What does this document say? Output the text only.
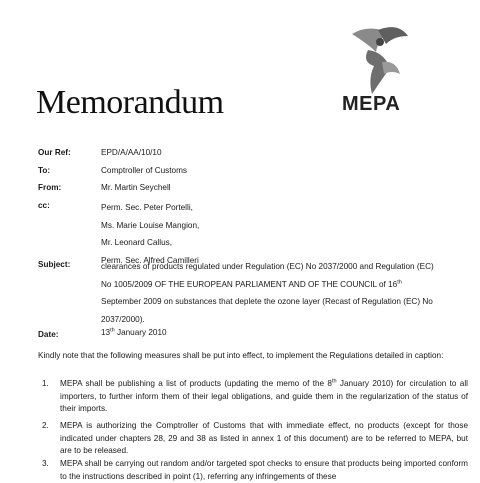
MEPA
Memorandum
Our Ref:	EPD/A/AA/10/10
To:	Comptroller of Customs
From:	Mr. Martin Seychell
cc:	Perm. Sec. Peter Portelli,
Ms. Marie Louise Mangion,
Mr. Leonard Callus,
Perm. Sec. Alfred Camilleri
Subject:	clearances of products regulated under Regulation (EC) No 2037/2000 and Regulation (EC)
No 1005/2009 OF THE EUROPEAN PARLIAMENT AND OF THE COUNCIL of 16th
September 2009 on substances that deplete the ozone layer (Recast of Regulation (EC) No
2037/2000).
Date:	13th January 2010
Kindly note that the following measures shall be put into effect, to implement the Regulations detailed in caption:
1. MEPA shall be publishing a list of products (updating the memo of the 8th January 2010) for circulation to all importers, to further inform them of their legal obligations, and guide them in the regularization of the status of their imports.
2. MEPA is authorizing the Comptroller of Customs that with immediate effect, no products (except for those indicated under chapters 28, 29 and 38 as listed in annex 1 of this document) are to be referred to MEPA, but are to be released.
3. MEPA shall be carrying out random and/or targeted spot checks to ensure that products being imported conform to the instructions described in point (1), referring any infringements of these
